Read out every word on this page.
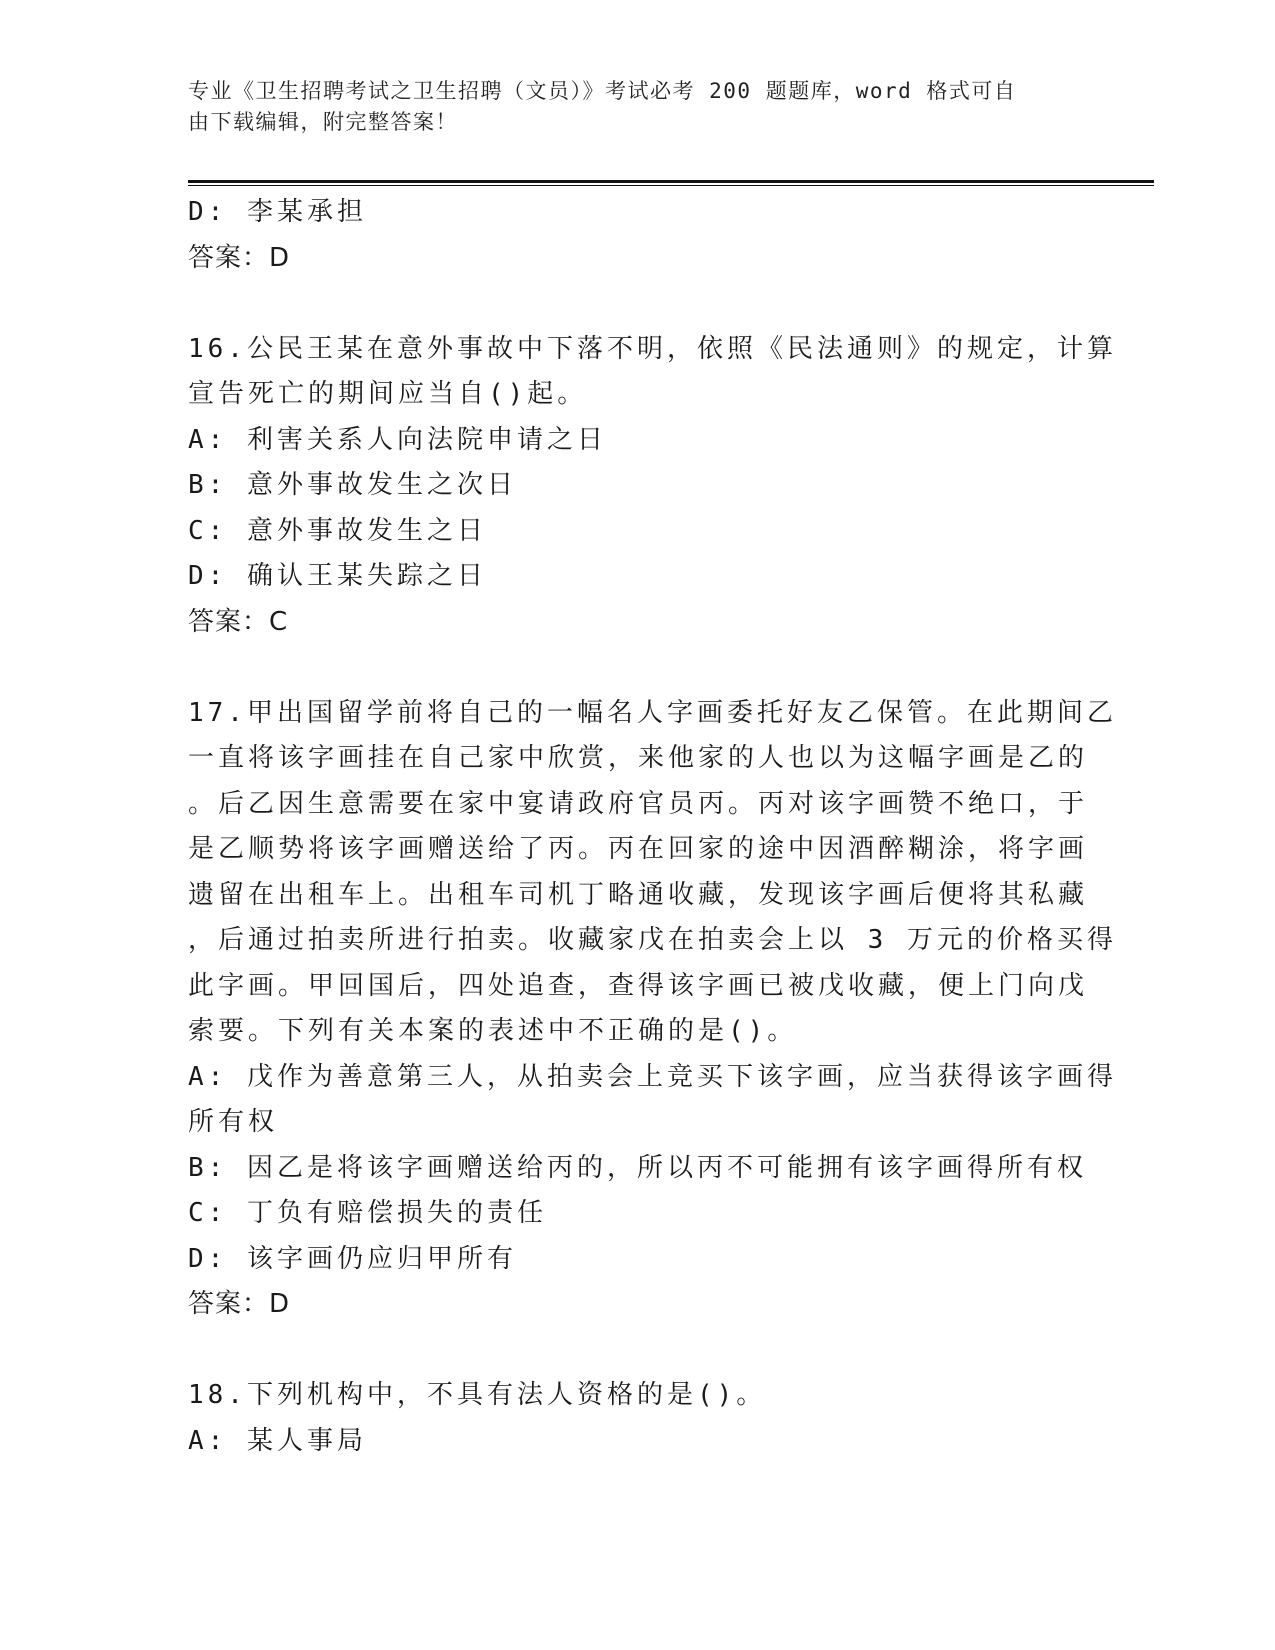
专业《卫生招聘考试之卫生招聘（文员）》考试必考 200 题题库，word 格式可自
由下载编辑，附完整答案！
D: 李某承担
答案：D
16.公民王某在意外事故中下落不明，依照《民法通则》的规定，计算
宣告死亡的期间应当自()起。
A: 利害关系人向法院申请之日
B: 意外事故发生之次日
C: 意外事故发生之日
D: 确认王某失踪之日
答案：C
17.甲出国留学前将自己的一幅名人字画委托好友乙保管。在此期间乙
一直将该字画挂在自己家中欣赏，来他家的人也以为这幅字画是乙的
。后乙因生意需要在家中宴请政府官员丙。丙对该字画赞不绝口，于
是乙顺势将该字画赠送给了丙。丙在回家的途中因酒醉糊涂，将字画
遗留在出租车上。出租车司机丁略通收藏，发现该字画后便将其私藏
，后通过拍卖所进行拍卖。收藏家戊在拍卖会上以 3 万元的价格买得
此字画。甲回国后，四处追查，查得该字画已被戊收藏，便上门向戊
索要。下列有关本案的表述中不正确的是()。
A: 戊作为善意第三人，从拍卖会上竞买下该字画，应当获得该字画得
所有权
B: 因乙是将该字画赠送给丙的，所以丙不可能拥有该字画得所有权
C: 丁负有赔偿损失的责任
D: 该字画仍应归甲所有
答案：D
18.下列机构中，不具有法人资格的是()。
A: 某人事局
